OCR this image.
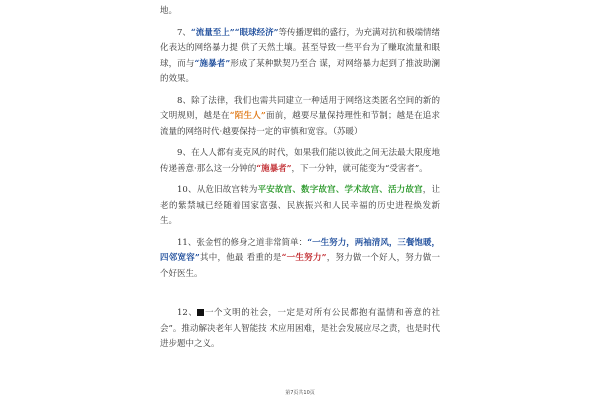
地。

7、“流量至上”“眼球经济”等传播逻辑的盛行，为充满对抗和极端情绪化表达的网络暴力提 供了天然土壤。甚至导致一些平台为了赚取流量和眼球，而与“施暴者”形成了某种默契乃至合 谋，对网络暴力起到了推波助澜的效果。

8、除了法律，我们也需共同建立一种适用于网络这类匿名空间的新的文明规则，越是在“陌生人”面前，越要尽量保持理性和节制；越是在追求流量的网络时代·越要保持一定的审慎和宽容。（苏暖）

9、在人人都有麦克风的时代，如果我们能以彼此之间无法最大限度地传递善意·那么这一分钟的“施暴者”，下一分钟，就可能变为“受害者”。

10、从危旧故宫转为平安故宫、数字故宫、学术故宫、活力故宫，让老的紫禁城已经随着国家富强、民族振兴和人民幸福的历史进程焕发新生。

11、张金哲的修身之道非常简单：“一生努力，两袖清风，三餐饱暖，四邻宽容”其中，他最 看重的是“一生努力”，努力做一个好人，努力做一个好医生。

12、 一个文明的社会，一定是对所有公民都抱有温情和善意的社会”。推动解决老年人智能技 术应用困难，是社会发展应尽之责，也是时代进步题中之义。

第7页共10页
